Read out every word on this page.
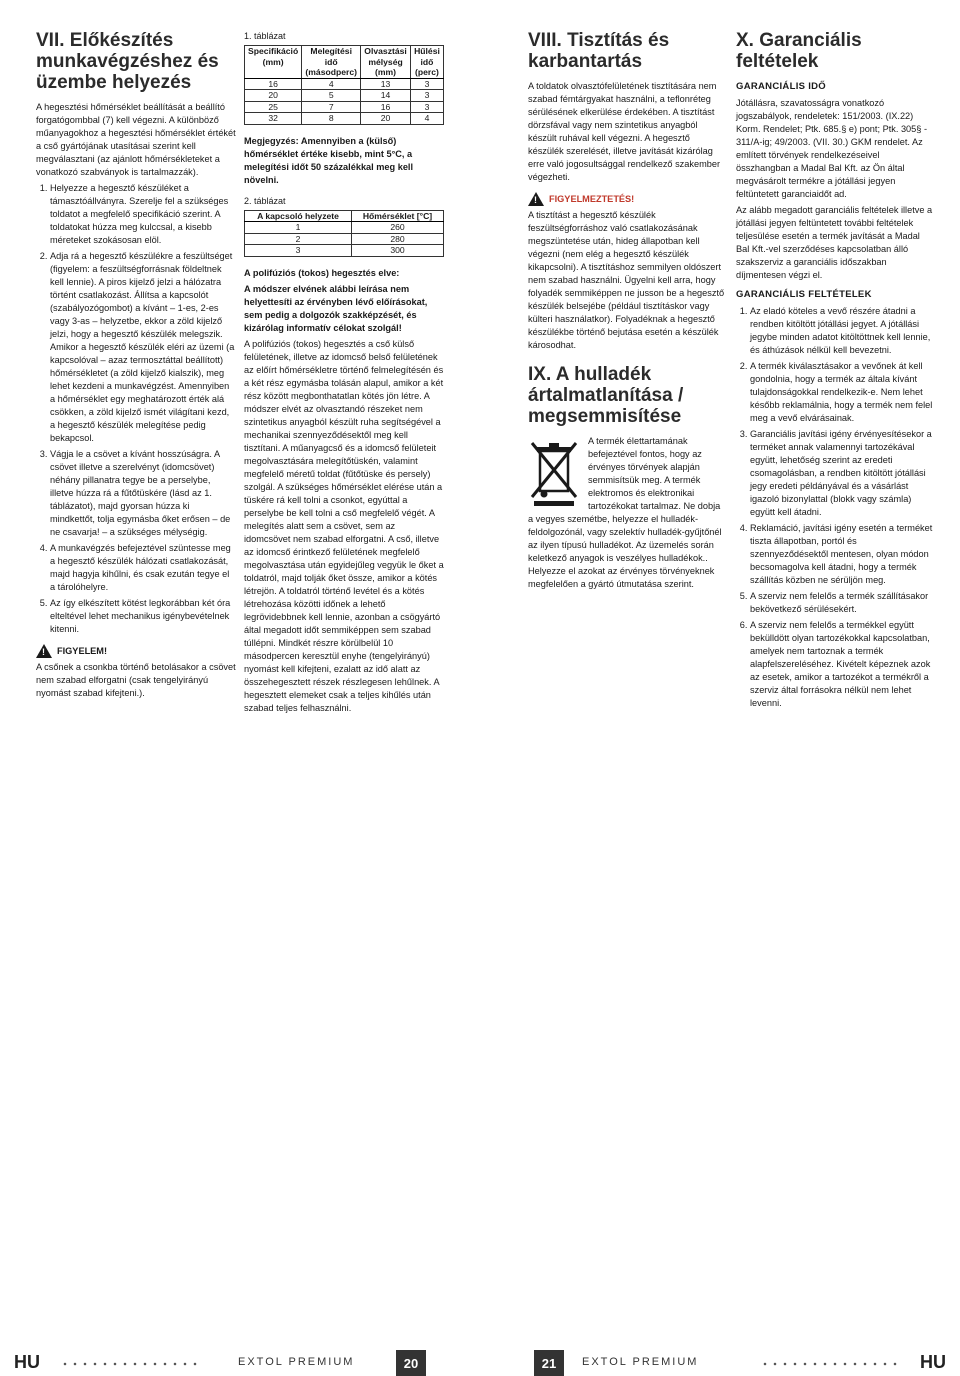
VII. Előkészítés munkavégzéshez és üzembe helyezés

A hegesztési hőmérséklet beállítását a beállító forgatógombbal (7) kell végezni. A különböző műanyagokhoz a hegesztési hőmérséklet értékét a cső gyártójának utasításai szerint kell megválasztani (az ajánlott hőmérsékleteket a vonatkozó szabványok is tartalmazzák).

1. Helyezze a hegesztő készüléket a támasztóállványra. Szerelje fel a szükséges toldatot a megfelelő specifikáció szerint. A toldatokat húzza meg kulccsal, a kisebb méreteket szokásosan elöl.
2. Adja rá a hegesztő készülékre a feszültséget (figyelem: a feszültségforrásnak földeltnek kell lennie). A piros kijelző jelzi a hálózatra történt csatlakozást. Állítsa a kapcsolót (szabályozógombot) a kívánt – 1-es, 2-es vagy 3-as – helyzetbe, ekkor a zöld kijelző jelzi, hogy a hegesztő készülék melegszik. Amikor a hegesztő készülék eléri az üzemi (a kapcsolóval – azaz termosztáttal beállított) hőmérsékletet (a zöld kijelző kialszik), meg lehet kezdeni a munkavégzést. Amennyiben a hőmérséklet egy meghatározott érték alá csökken, a zöld kijelző ismét világítani kezd, a hegesztő készülék melegítése pedig bekapcsol.
3. Vágja le a csövet a kívánt hosszúságra. A csövet illetve a szerelvényt (idomcsövet) néhány pillanatra tegye be a perselybe, illetve húzza rá a fűtőtüskére (lásd az 1. táblázatot), majd gyorsan húzza ki mindkettőt, tolja egymásba őket erősen – de ne csavarja! – a szükséges mélységig.
4. A munkavégzés befejeztével szüntesse meg a hegesztő készülék hálózati csatlakozását, majd hagyja kihűlni, és csak ezután tegye el a tárolóhelyre.
5. Az így elkészített kötést legkorábban két óra elteltével lehet mechanikus igénybevételnek kitenni.
!
FIGYELEM!

A csőnek a csonkba történő betolásakor a csövet nem szabad elforgatni (csak tengelyirányú nyomást szabad kifejteni.).

1. táblázat
Specifikáció (mm)	Melegítési idő (másodperc)	Olvasztási mélység (mm)	Hűlési idő (perc)
16	4	13	3
20	5	14	3
25	7	16	3
32	8	20	4

Megjegyzés: Amennyiben a (külső) hőmérséklet értéke kisebb, mint 5°C, a melegítési időt 50 százalékkal meg kell növelni.

2. táblázat
A kapcsoló helyzete	Hőmérséklet [°C]
1	260
2	280
3	300

A polifúziós (tokos) hegesztés elve:

A módszer elvének alábbi leírása nem helyettesíti az érvényben lévő előírásokat, sem pedig a dolgozók szakképzését, és kizárólag informatív célokat szolgál!

A polifúziós (tokos) hegesztés a cső külső felületének, illetve az idomcső belső felületének az előírt hőmérsékletre történő felmelegítésén és a két rész egymásba tolásán alapul, amikor a két rész között megbonthatatlan kötés jön létre. A módszer elvét az olvasztandó részeket nem szintetikus anyagból készült ruha segítségével a mechanikai szennyeződésektől meg kell tisztítani. A műanyagcső és a idomcső felületeit megolvasztására melegítőtüskén, valamint megfelelő méretű toldat (fűtőtüske és persely) szolgál. A szükséges hőmérséklet elérése után a tüskére rá kell tolni a csonkot, egyúttal a perselybe be kell tolni a cső megfelelő végét. A melegítés alatt sem a csövet, sem az idomcsövet nem szabad elforgatni. A cső, illetve az idomcső érintkező felületének megfelelő megolvasztása után egyidejűleg vegyük le őket a toldatról, majd tolják őket össze, amikor a kötés létrejön. A toldatról történő levétel és a kötés létrehozása közötti időnek a lehető legrövidebbnek kell lennie, azonban a csögyártó által megadott időt semmiképpen sem szabad túllépni. Mindkét részre körülbelül 10 másodpercen keresztül enyhe (tengelyirányú) nyomást kell kifejteni, ezalatt az idő alatt az összehegesztett részek részlegesen lehűlnek. A hegesztett elemeket csak a teljes kihűlés után szabad teljes felhasználni.

VIII. Tisztítás és karbantartás

A toldatok olvasztófelületének tisztítására nem szabad fémtárgyakat használni, a teflonréteg sérülésének elkerülése érdekében. A tisztítást dörzsfával vagy nem szintetikus anyagból készült ruhával kell végezni. A hegesztő készülék szerelését, illetve javítását kizárólag erre való jogosultsággal rendelkező szakember végezheti.

!
FIGYELMEZTETÉS!

A tisztítást a hegesztő készülék feszültségforráshoz való csatlakozásának megszüntetése után, hideg állapotban kell végezni (nem elég a hegesztő készülék kikapcsolni). A tisztításhoz semmilyen oldószert nem szabad használni. Ügyelni kell arra, hogy folyadék semmiképpen ne jusson be a hegesztő készülék belsejébe (például tisztításkor vagy külteri használatkor). Folyadéknak a hegesztő készülékbe történő bejutása esetén a készülék károsodhat.

IX. A hulladék ártalmatlanítása / megsemmisítése

A termék élettartamának befejeztével fontos, hogy az érvényes törvények alapján semmisítsük meg. A termék elektromos és elektronikai tartozékokat tartalmaz. Ne dobja a vegyes szemétbe, helyezze el hulladék-feldolgozónál, vagy szelektív hulladék-gyűjtőnél az ilyen típusú hulladékot. Az üzemelés során keletkező anyagok is veszélyes hulladékok.. Helyezze el azokat az érvényes törvényeknek megfelelően a gyártó útmutatása szerint.

X. Garanciális feltételek
GARANCIÁLIS IDŐ

Jótállásra, szavatosságra vonatkozó jogszabályok, rendeletek: 151/2003. (IX.22) Korm. Rendelet; Ptk. 685.§ e) pont; Ptk. 305§ - 311/A-ig; 49/2003. (VII. 30.) GKM rendelet. Az említett törvények rendelkezéseivel összhangban a Madal Bal Kft. az Ön által megvásárolt termékre a jótállási jegyen feltüntetett garanciaidőt ad.

Az alább megadott garanciális feltételek illetve a jótállási jegyen feltüntetett további feltételek teljesülése esetén a termék javítását a Madal Bal Kft.-vel szerződéses kapcsolatban álló szakszerviz a garanciális időszakban díjmentesen végzi el.

GARANCIÁLIS FELTÉTELEK
1. Az eladó köteles a vevő részére átadni a rendben kitöltött jótállási jegyet. A jótállási jegybe minden adatot kitöltöttnek kell lennie, és áthúzások nélkül kell bevezetni.
2. A termék kiválasztásakor a vevőnek át kell gondolnia, hogy a termék az általa kívánt tulajdonságokkal rendelkezik-e. Nem lehet később reklamálnia, hogy a termék nem felel meg a vevő elvárásainak.
3. Garanciális javítási igény érvényesítésekor a terméket annak valamennyi tartozékával együtt, lehetőség szerint az eredeti csomagolásban, a rendben kitöltött jótállási jegy eredeti példányával és a vásárlást igazoló bizonylattal (blokk vagy számla) együtt kell átadni.
4. Reklamáció, javítási igény esetén a terméket tiszta állapotban, portól és szennyeződésektől mentesen, olyan módon becsomagolva kell átadni, hogy a termék szállítás közben ne sérüljön meg.
5. A szerviz nem felelős a termék szállításakor bekövetkező sérülésekért.
6. A szerviz nem felelős a termékkel együtt bekülldött olyan tartozékokkal kapcsolatban, amelyek nem tartoznak a termék alapfelszereléséhez. Kivételt képeznek azok az esetek, amikor a tartozékot a termékről a szerviz által forrásokra nélkül nem lehet levenni.
HU	EXTOL PREMIUM	20	21	EXTOL PREMIUM	HU
